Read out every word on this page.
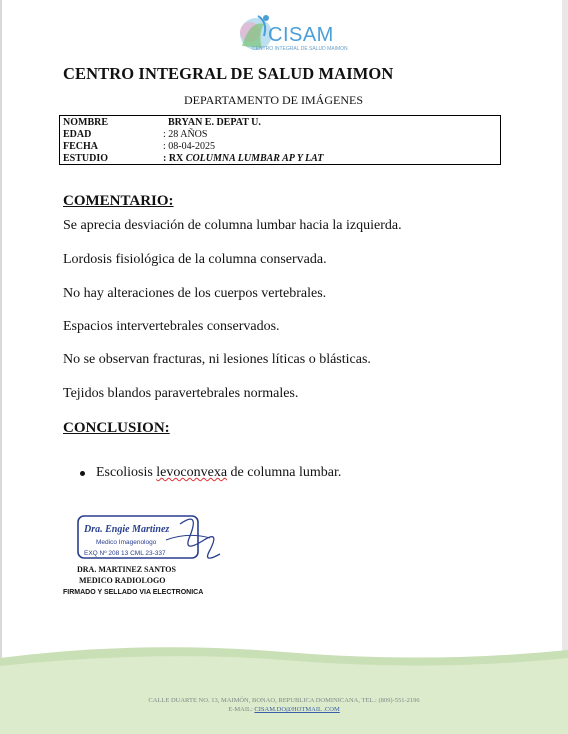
CISAM
CENTRO INTEGRAL DE SALUD MAIMON
CENTRO INTEGRAL DE SALUD MAIMON
DEPARTAMENTO DE IMÁGENES
NOMBRE	BRYAN E. DEPAT U.
EDAD	: 28 AÑOS
FECHA	: 08-04-2025
ESTUDIO	: RX COLUMNA LUMBAR AP Y LAT
COMENTARIO:
Se aprecia desviación de columna lumbar hacia la izquierda.
Lordosis fisiológica de la columna conservada.
No hay alteraciones de los cuerpos vertebrales.
Espacios intervertebrales conservados.
No se observan fracturas, ni lesiones líticas o blásticas.
Tejidos blandos paravertebrales normales.
CONCLUSION:
Escoliosis levoconvexa de columna lumbar.
Dra. Engie Martinez
Medico Imagenologo
EXQ Nº 208 13 CML 23-337
DRA. MARTINEZ SANTOS
MEDICO RADIOLOGO
FIRMADO Y SELLADO VIA ELECTRONICA
CALLE DUARTE NO. 13, MAIMÓN, BONAO, REPUBLICA DOMINICANA, TEL.: (809)-551-2196
E-MAIL: CISAM.DO@HOTMAIL .COM
